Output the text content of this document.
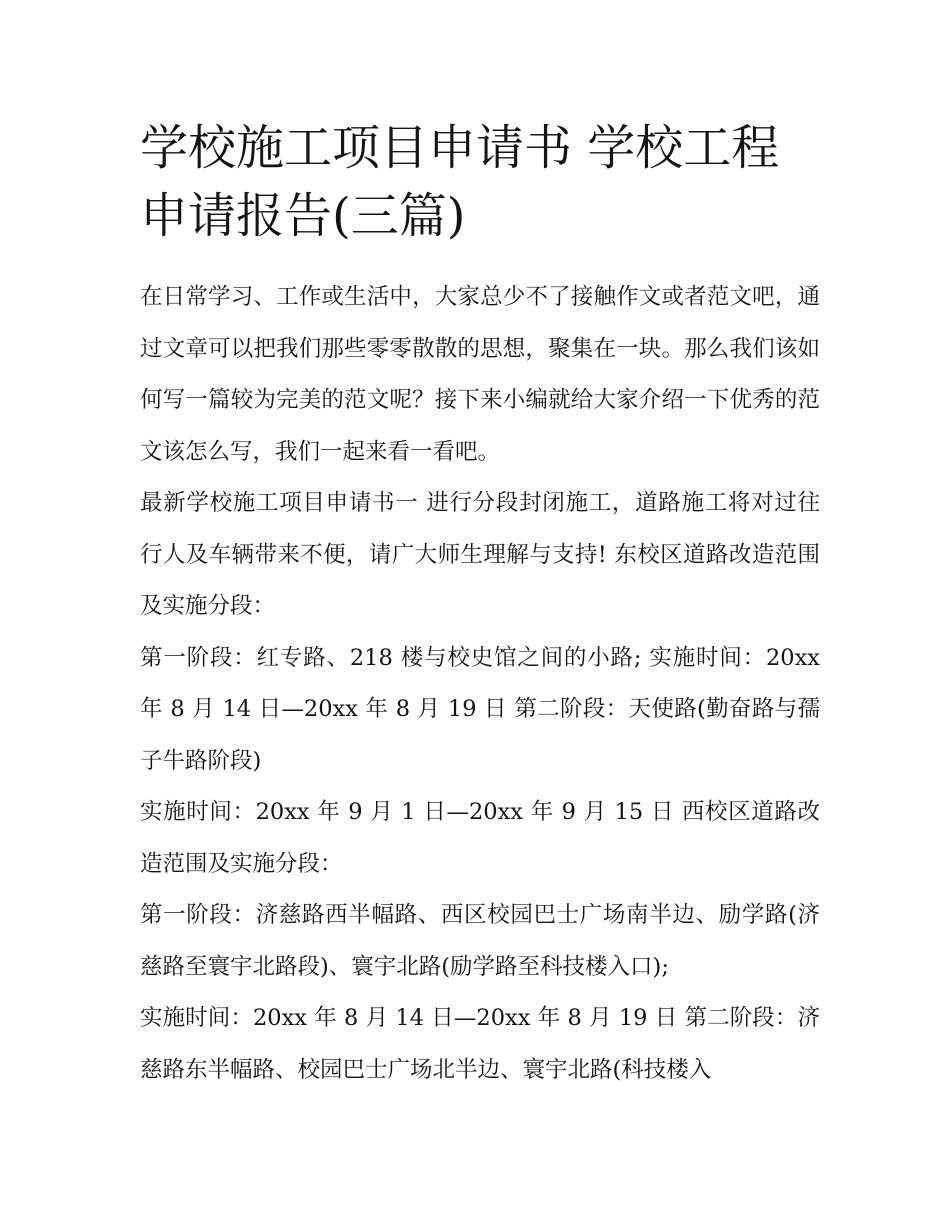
学校施工项目申请书 学校工程申请报告(三篇)

在日常学习、工作或生活中，大家总少不了接触作文或者范文吧，通过文章可以把我们那些零零散散的思想，聚集在一块。那么我们该如何写一篇较为完美的范文呢？接下来小编就给大家介绍一下优秀的范文该怎么写，我们一起来看一看吧。

最新学校施工项目申请书一 进行分段封闭施工，道路施工将对过往行人及车辆带来不便，请广大师生理解与支持! 东校区道路改造范围及实施分段：

第一阶段：红专路、218 楼与校史馆之间的小路; 实施时间：20xx 年 8 月 14 日—20xx 年 8 月 19 日 第二阶段：天使路(勤奋路与孺子牛路阶段)

实施时间：20xx 年 9 月 1 日—20xx 年 9 月 15 日 西校区道路改造范围及实施分段：

第一阶段：济慈路西半幅路、西区校园巴士广场南半边、励学路(济慈路至寰宇北路段)、寰宇北路(励学路至科技楼入口);

实施时间：20xx 年 8 月 14 日—20xx 年 8 月 19 日 第二阶段：济慈路东半幅路、校园巴士广场北半边、寰宇北路(科技楼入
